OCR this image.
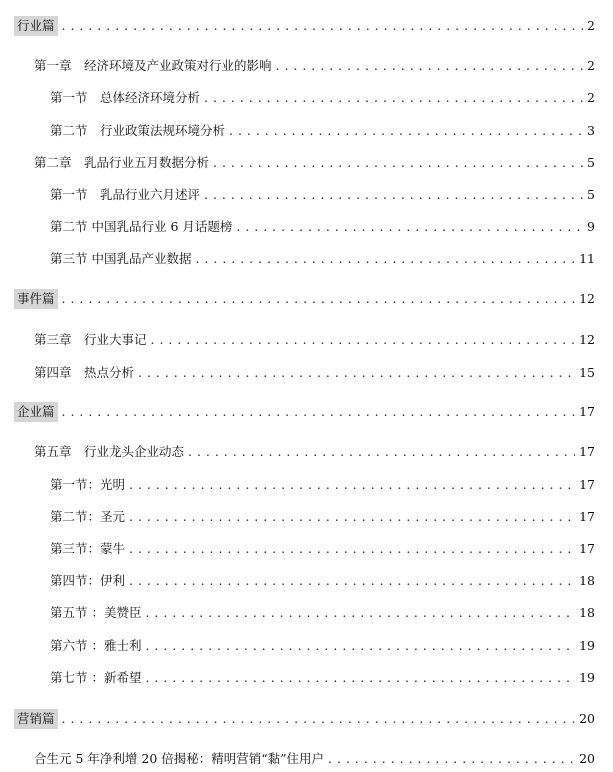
行业篇 . . .	2
第一章　经济环境及产业政策对行业的影响 . . .	2
第一节　总体经济环境分析 . . .	2
第二节　行业政策法规环境分析 . . .	3
第二章　乳品行业五月数据分析 . . .	5
第一节　乳品行业六月述评 . . .	5
第二节 中国乳品行业 6 月话题榜 . . .	9
第三节 中国乳品产业数据 . . .	11
事件篇 . . .	12
第三章　行业大事记 . . .	12
第四章　热点分析 . . .	15
企业篇 . . .	17
第五章　行业龙头企业动态 . . .	17
第一节：光明 . . .	17
第二节：圣元 . . .	17
第三节：蒙牛 . . .	17
第四节：伊利 . . .	18
第五节 ：美赞臣 . . .	18
第六节 ：雅士利 . . .	19
第七节 ：新希望 . . .	19
营销篇 . . .	20
合生元 5 年净利增 20 倍揭秘：精明营销“黏”住用户 . . .	20
